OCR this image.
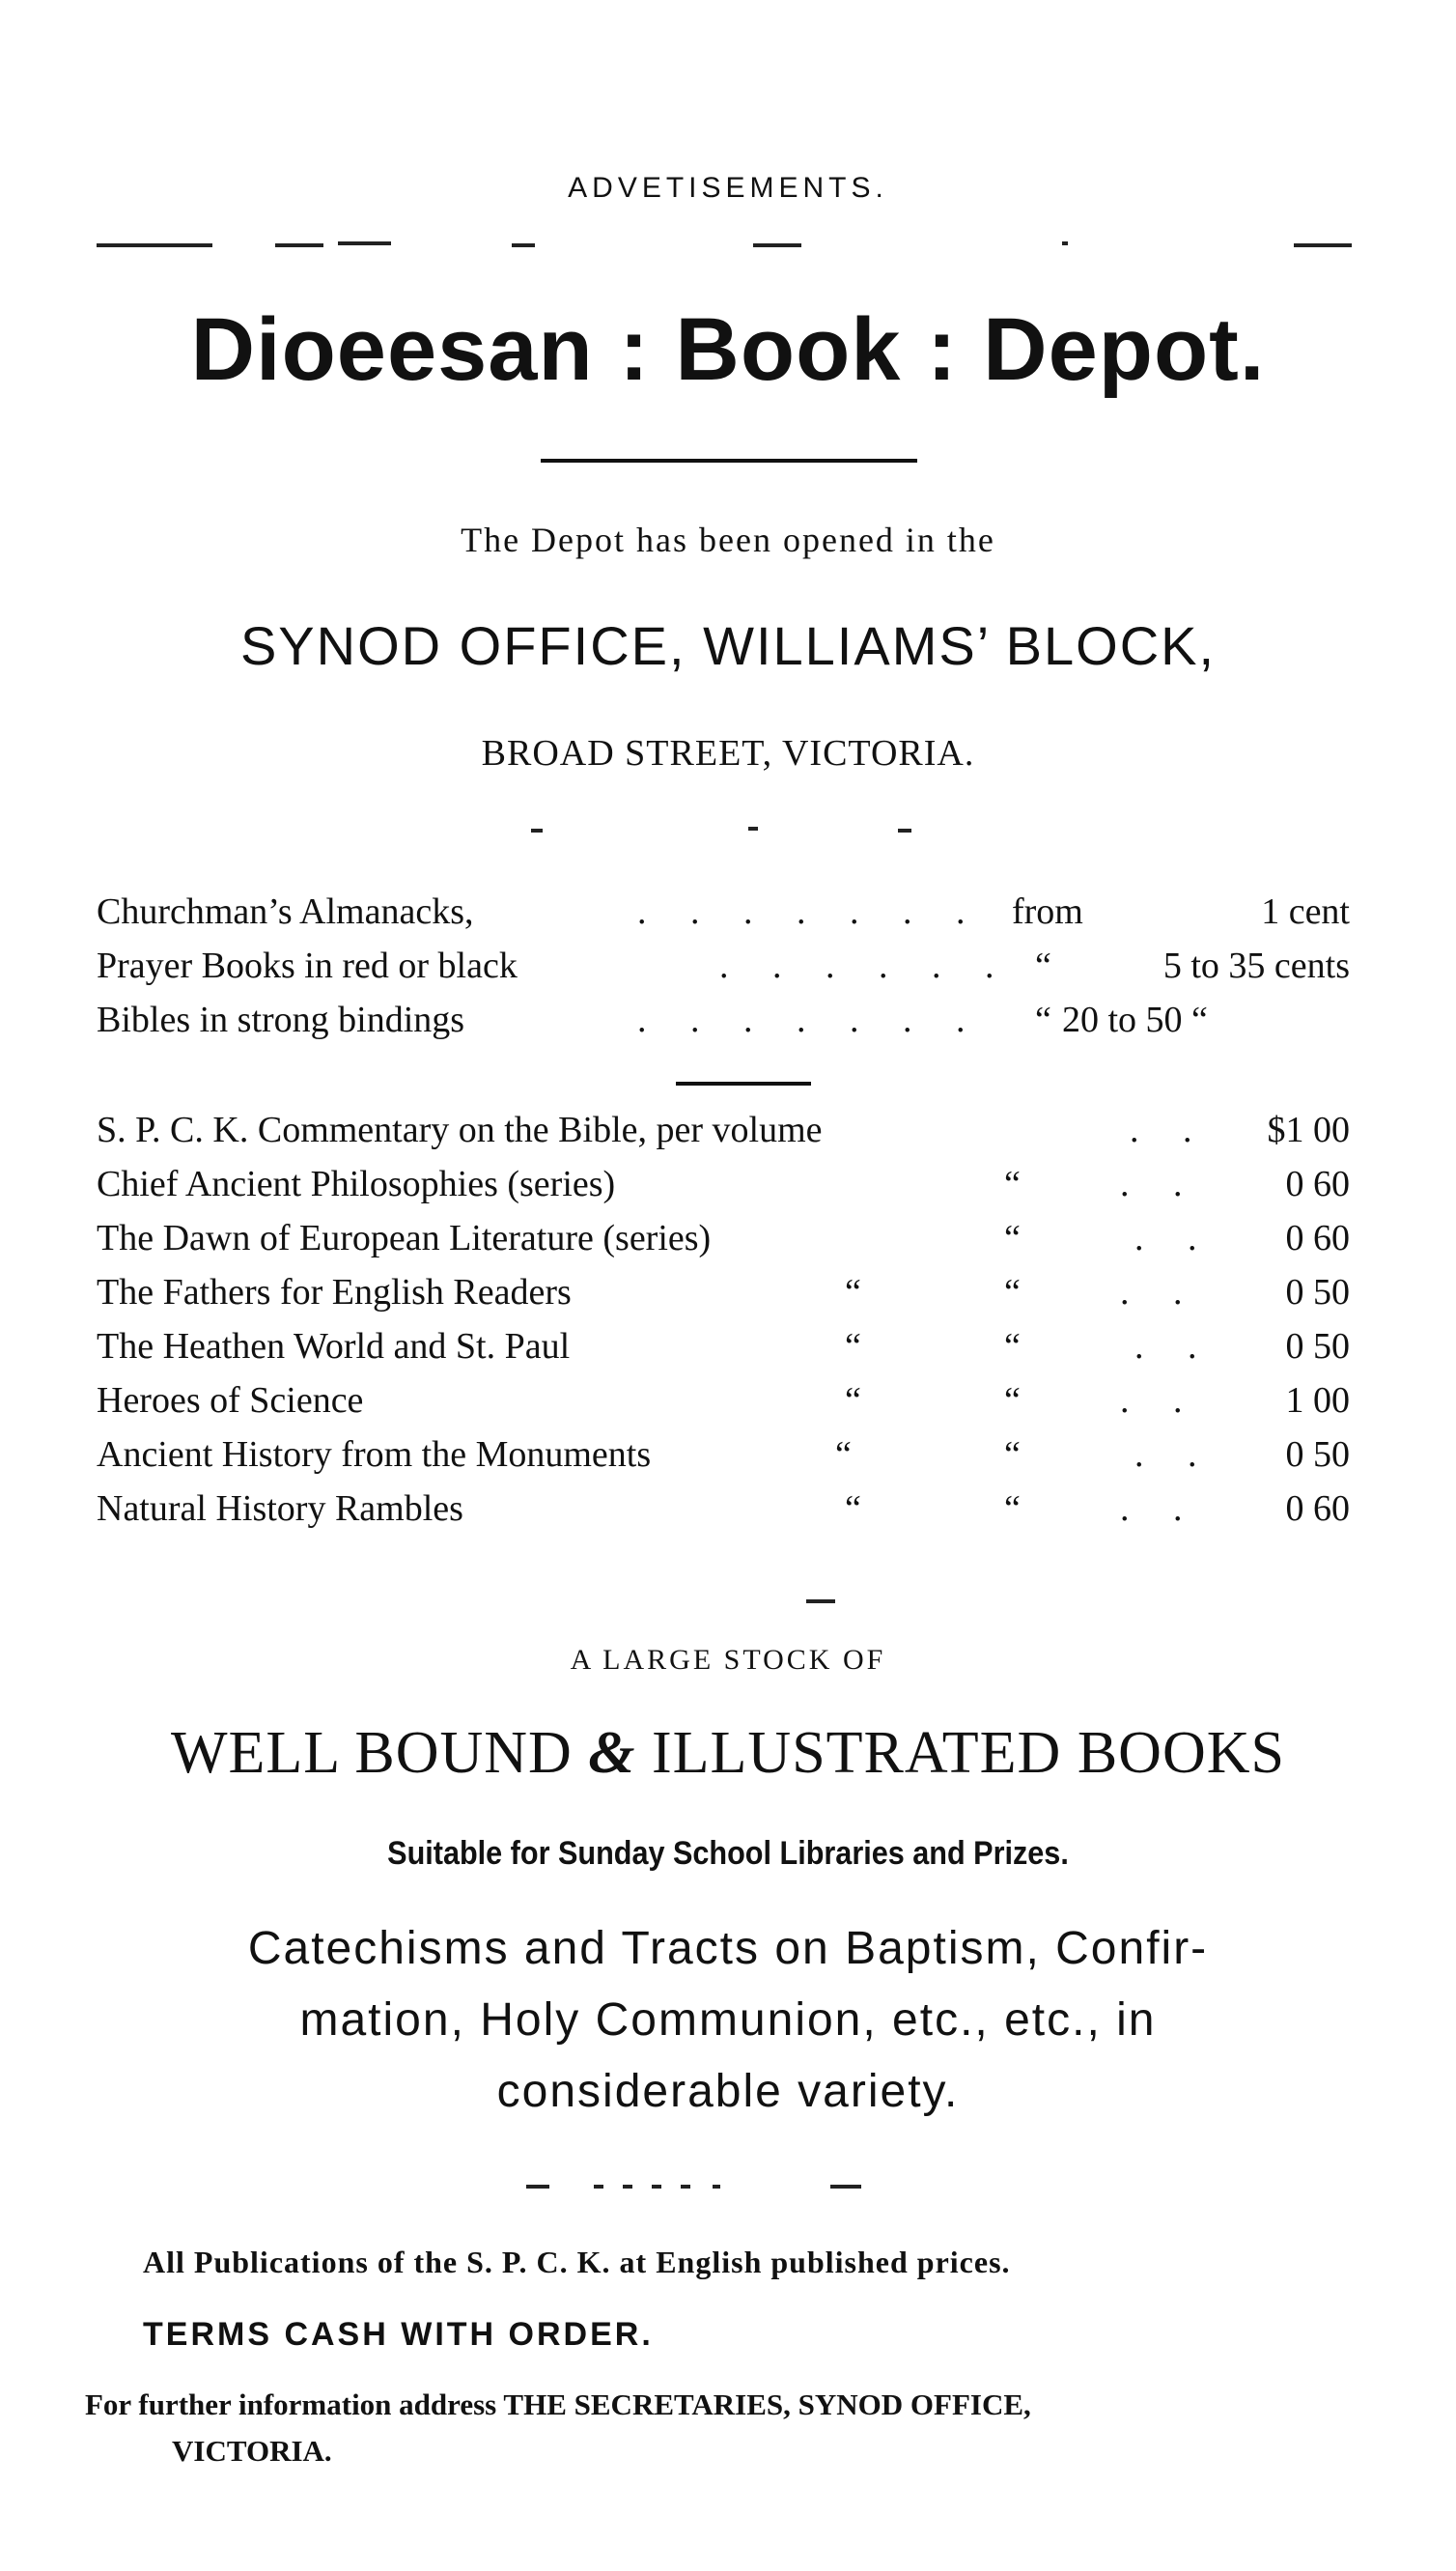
ADVETISEMENTS.
Dioeesan : Book : Depot.
The Depot has been opened in the
SYNOD OFFICE, WILLIAMS’ BLOCK,
BROAD STREET, VICTORIA.
Churchman’s Almanacks,	. . . . . . . from	1 cent
Prayer Books in red or black	. . . . . . “	5 to 35 cents
Bibles in strong bindings	. . . . . . . “ 20 to 50 “
S. P. C. K. Commentary on the Bible, per volume	. . $1 00
Chief Ancient Philosophies (series)	“	. . 0 60
The Dawn of European Literature (series)	“	. . 0 60
The Fathers for English Readers	“	“	. . 0 50
The Heathen World and St. Paul	“	“	. . 0 50
Heroes of Science	“	“	. . 1 00
Ancient History from the Monuments	“	“	. . 0 50
Natural History Rambles	“	“	. . 0 60
A LARGE STOCK OF
WELL BOUND & ILLUSTRATED BOOKS
Suitable for Sunday School Libraries and Prizes.
Catechisms and Tracts on Baptism, Confir-
mation, Holy Communion, etc., etc., in
considerable variety.
All Publications of the S. P. C. K. at English published prices.
TERMS CASH WITH ORDER.
For further information address THE SECRETARIES, SYNOD OFFICE,
VICTORIA.
